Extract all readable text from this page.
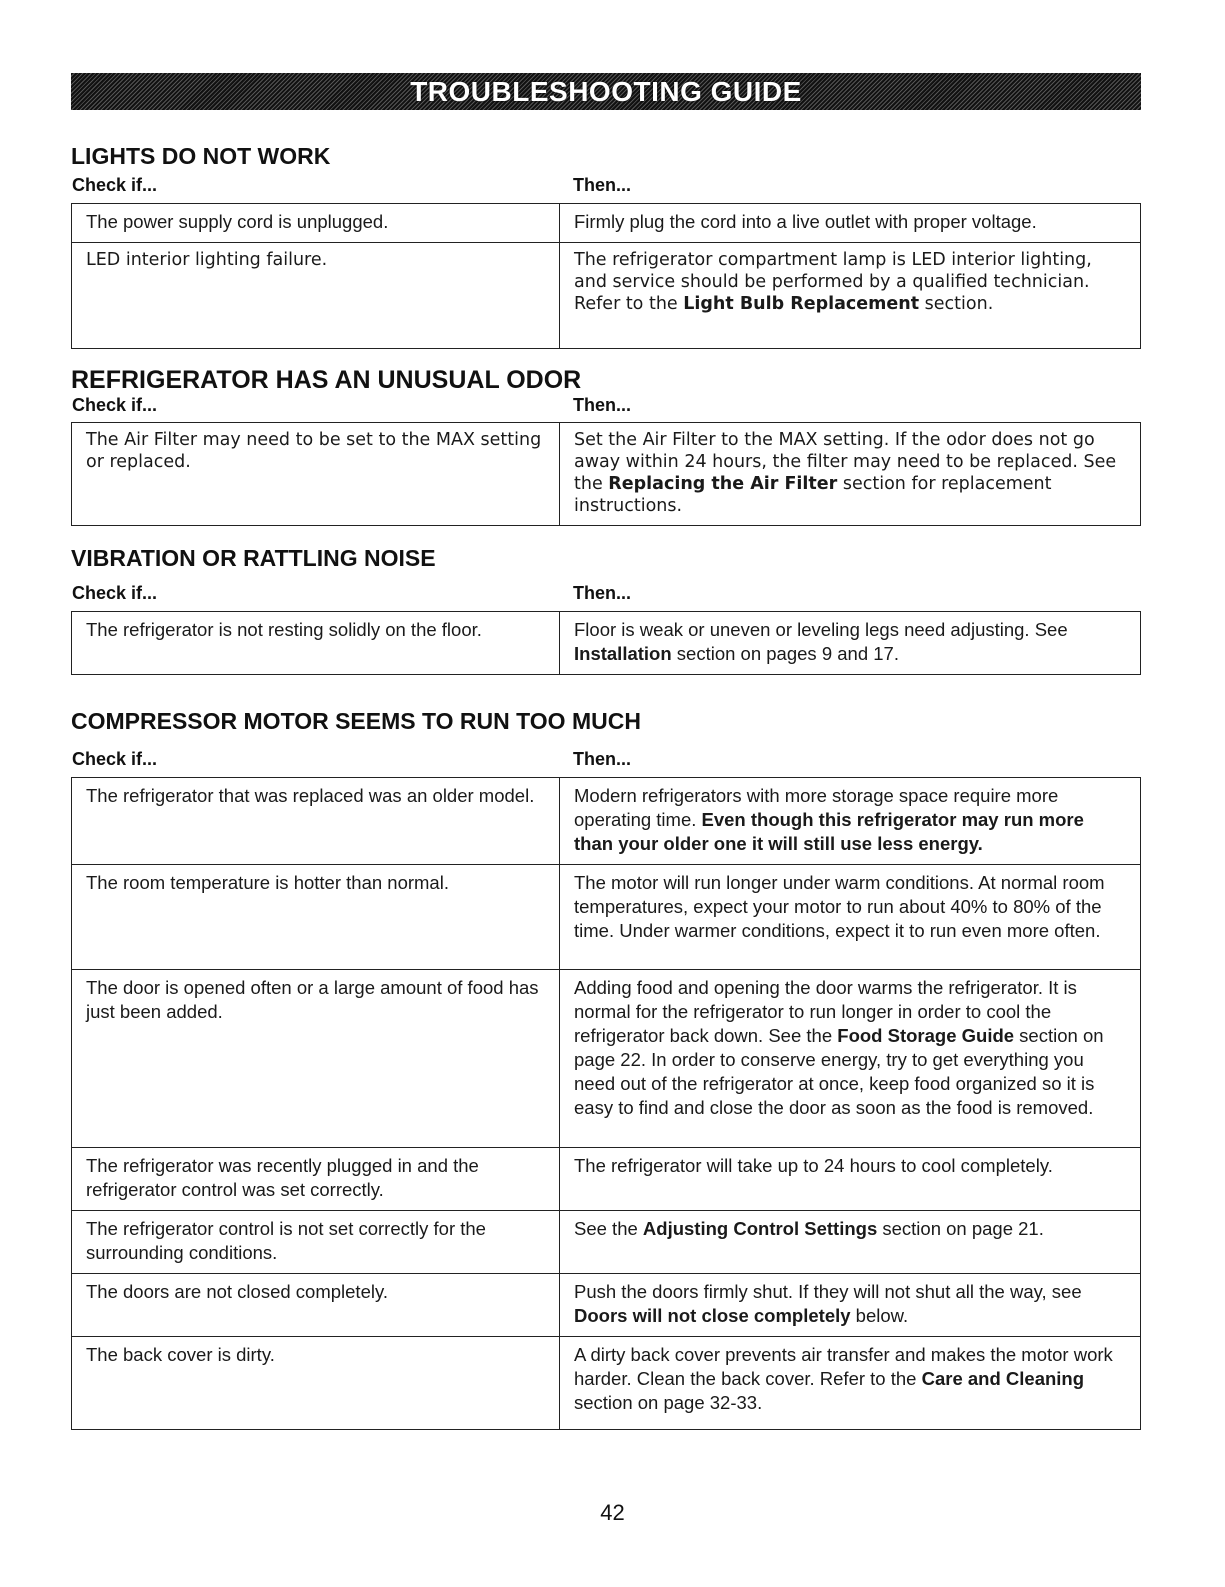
TROUBLESHOOTING GUIDE
LIGHTS DO NOT WORK
Check if...	Then...
The power supply cord is unplugged.	Firmly plug the cord into a live outlet with proper voltage.
LED interior lighting failure.	The refrigerator compartment lamp is LED interior lighting, and service should be performed by a qualified technician. Refer to the Light Bulb Replacement section.
REFRIGERATOR HAS AN UNUSUAL ODOR
Check if...	Then...
The Air Filter may need to be set to the MAX setting or replaced.	Set the Air Filter to the MAX setting. If the odor does not go away within 24 hours, the filter may need to be replaced. See the Replacing the Air Filter section for replacement instructions.
VIBRATION OR RATTLING NOISE
Check if...	Then...
The refrigerator is not resting solidly on the floor.	Floor is weak or uneven or leveling legs need adjusting. See Installation section on pages 9 and 17.
COMPRESSOR MOTOR SEEMS TO RUN TOO MUCH
Check if...	Then...
The refrigerator that was replaced was an older model.	Modern refrigerators with more storage space require more operating time. Even though this refrigerator may run more than your older one it will still use less energy.
The room temperature is hotter than normal.	The motor will run longer under warm conditions. At normal room temperatures, expect your motor to run about 40% to 80% of the time. Under warmer conditions, expect it to run even more often.
The door is opened often or a large amount of food has just been added.	Adding food and opening the door warms the refrigerator. It is normal for the refrigerator to run longer in order to cool the refrigerator back down. See the Food Storage Guide section on page 22. In order to conserve energy, try to get everything you need out of the refrigerator at once, keep food organized so it is easy to find and close the door as soon as the food is removed.
The refrigerator was recently plugged in and the refrigerator control was set correctly.	The refrigerator will take up to 24 hours to cool completely.
The refrigerator control is not set correctly for the surrounding conditions.	See the Adjusting Control Settings section on page 21.
The doors are not closed completely.	Push the doors firmly shut. If they will not shut all the way, see Doors will not close completely below.
The back cover is dirty.	A dirty back cover prevents air transfer and makes the motor work harder. Clean the back cover. Refer to the Care and Cleaning section on page 32-33.
42
